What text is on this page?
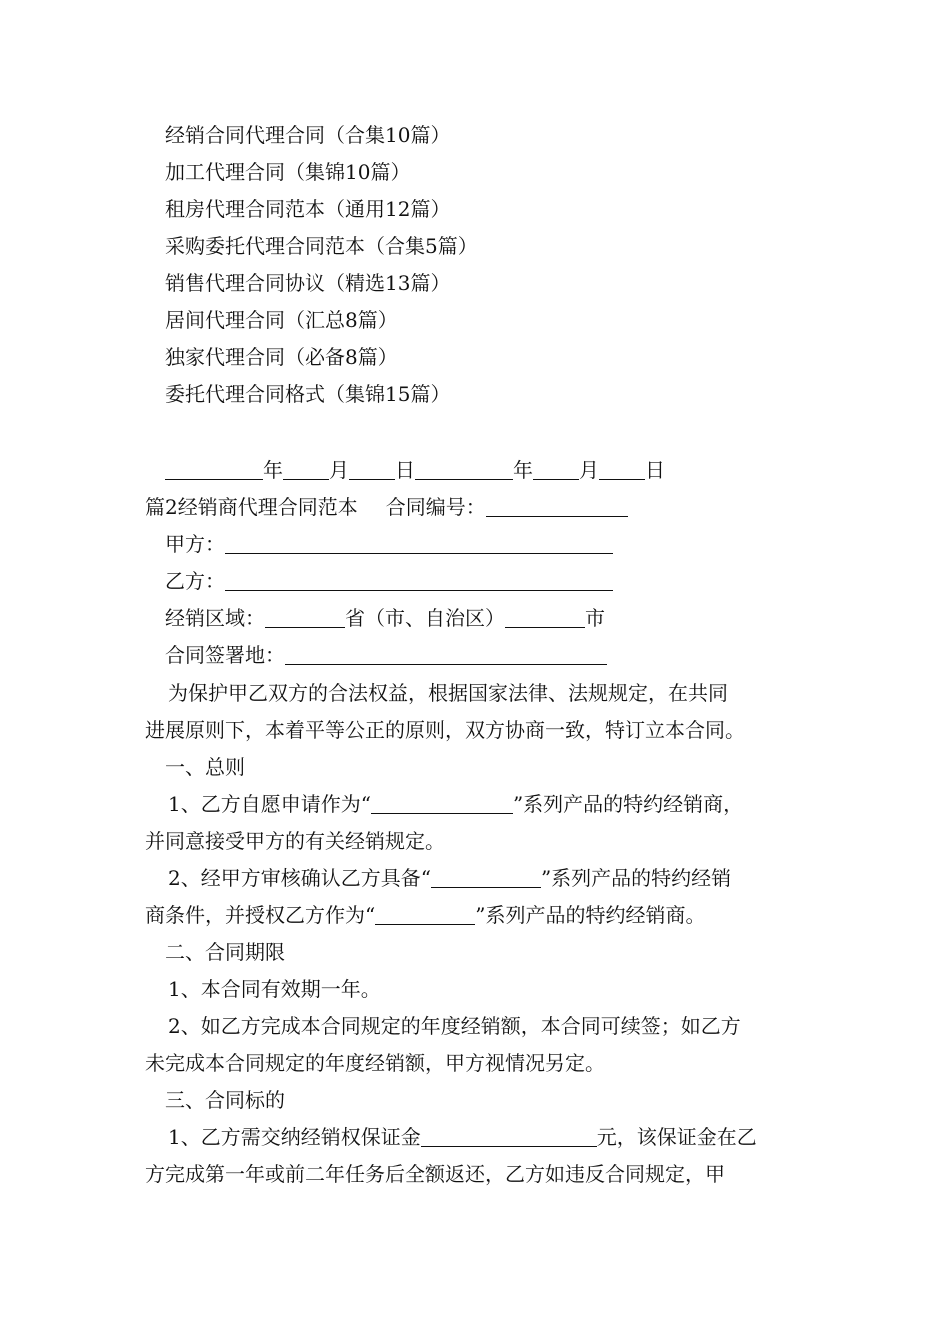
经销合同代理合同（合集10篇）
加工代理合同（集锦10篇）
租房代理合同范本（通用12篇）
采购委托代理合同范本（合集5篇）
销售代理合同协议（精选13篇）
居间代理合同（汇总8篇）
独家代理合同（必备8篇）
委托代理合同格式（集锦15篇）
年 月 日	年 月 日
篇2经销商代理合同范本 合同编号：
甲方：
乙方：
经销区域：	省（市、自治区）	市
合同签署地：
为保护甲乙双方的合法权益，根据国家法律、法规规定，在共同
进展原则下，本着平等公正的原则，双方协商一致，特订立本合同。
一、总则
1、乙方自愿申请作为“	”系列产品的特约经销商，
并同意接受甲方的有关经销规定。
2、经甲方审核确认乙方具备“	”系列产品的特约经销
商条件，并授权乙方作为“	”系列产品的特约经销商。
二、合同期限
1、本合同有效期一年。
2、如乙方完成本合同规定的年度经销额，本合同可续签；如乙方
未完成本合同规定的年度经销额，甲方视情况另定。
三、合同标的
1、乙方需交纳经销权保证金	元，该保证金在乙
方完成第一年或前二年任务后全额返还，乙方如违反合同规定，甲
